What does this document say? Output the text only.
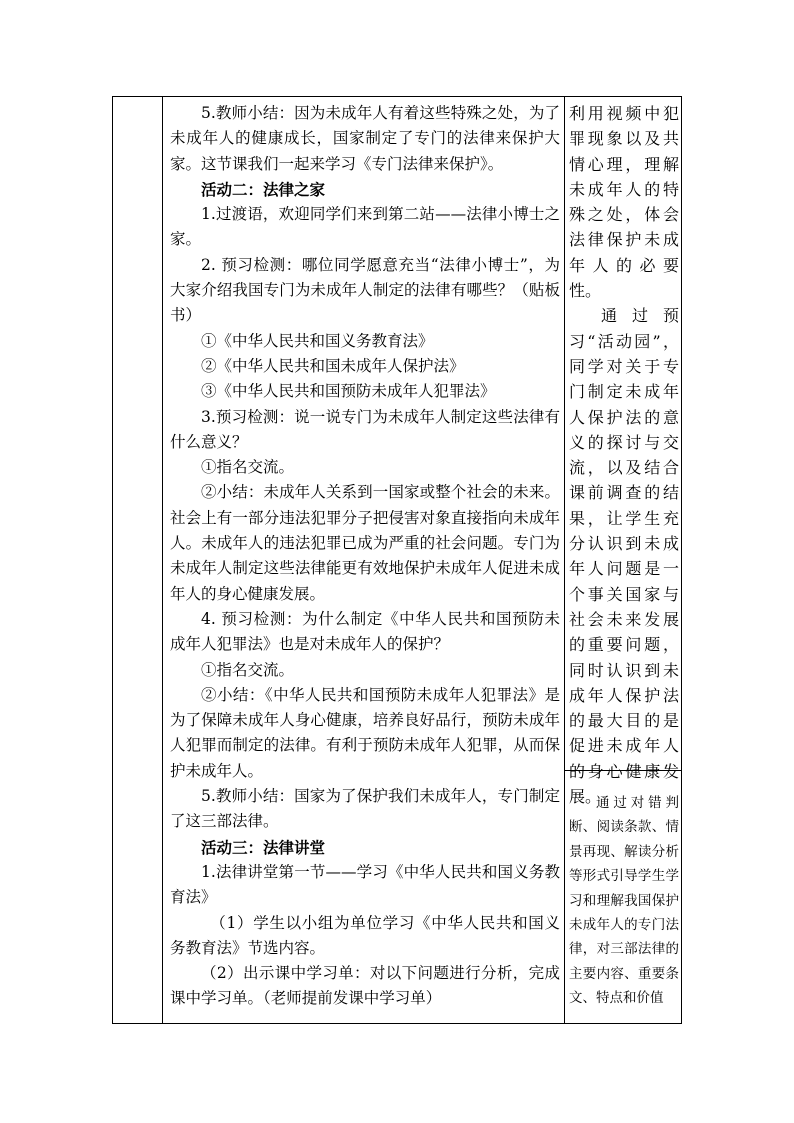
5.教师小结：因为未成年人有着这些特殊之处，为了未成年人的健康成长，国家制定了专门的法律来保护大家。这节课我们一起来学习《专门法律来保护》。

活动二：法律之家

1.过渡语，欢迎同学们来到第二站——法律小博士之家。

2. 预习检测：哪位同学愿意充当“法律小博士”，为大家介绍我国专门为未成年人制定的法律有哪些？（贴板书）

①《中华人民共和国义务教育法》

②《中华人民共和国未成年人保护法》

③《中华人民共和国预防未成年人犯罪法》

3.预习检测：说一说专门为未成年人制定这些法律有什么意义？

①指名交流。

②小结：未成年人关系到一国家或整个社会的未来。社会上有一部分违法犯罪分子把侵害对象直接指向未成年人。未成年人的违法犯罪已成为严重的社会问题。专门为未成年人制定这些法律能更有效地保护未成年人促进未成年人的身心健康发展。

4. 预习检测：为什么制定《中华人民共和国预防未成年人犯罪法》也是对未成年人的保护？

①指名交流。

②小结：《中华人民共和国预防未成年人犯罪法》是为了保障未成年人身心健康，培养良好品行，预防未成年人犯罪而制定的法律。有利于预防未成年人犯罪，从而保护未成年人。

5.教师小结：国家为了保护我们未成年人，专门制定了这三部法律。

活动三：法律讲堂

1.法律讲堂第一节——学习《中华人民共和国义务教育法》

（1）学生以小组为单位学习《中华人民共和国义务教育法》节选内容。

（2）出示课中学习单：对以下问题进行分析，完成课中学习单。（老师提前发课中学习单）

利用视频中犯罪现象以及共情心理，理解未成年人的特殊之处，体会法律保护未成年人的必要性。

通过预习“活动园”，同学对关于专门制定未成年人保护法的意义的探讨与交流，以及结合课前调查的结果，让学生充分认识到未成年人问题是一个事关国家与社会未来发展的重要问题，同时认识到未成年人保护法的最大目的是促进未成年人的身心健康发展。

通过对错判断、阅读条款、情景再现、解读分析等形式引导学生学习和理解我国保护未成年人的专门法律，对三部法律的主要内容、重要条文、特点和价值
